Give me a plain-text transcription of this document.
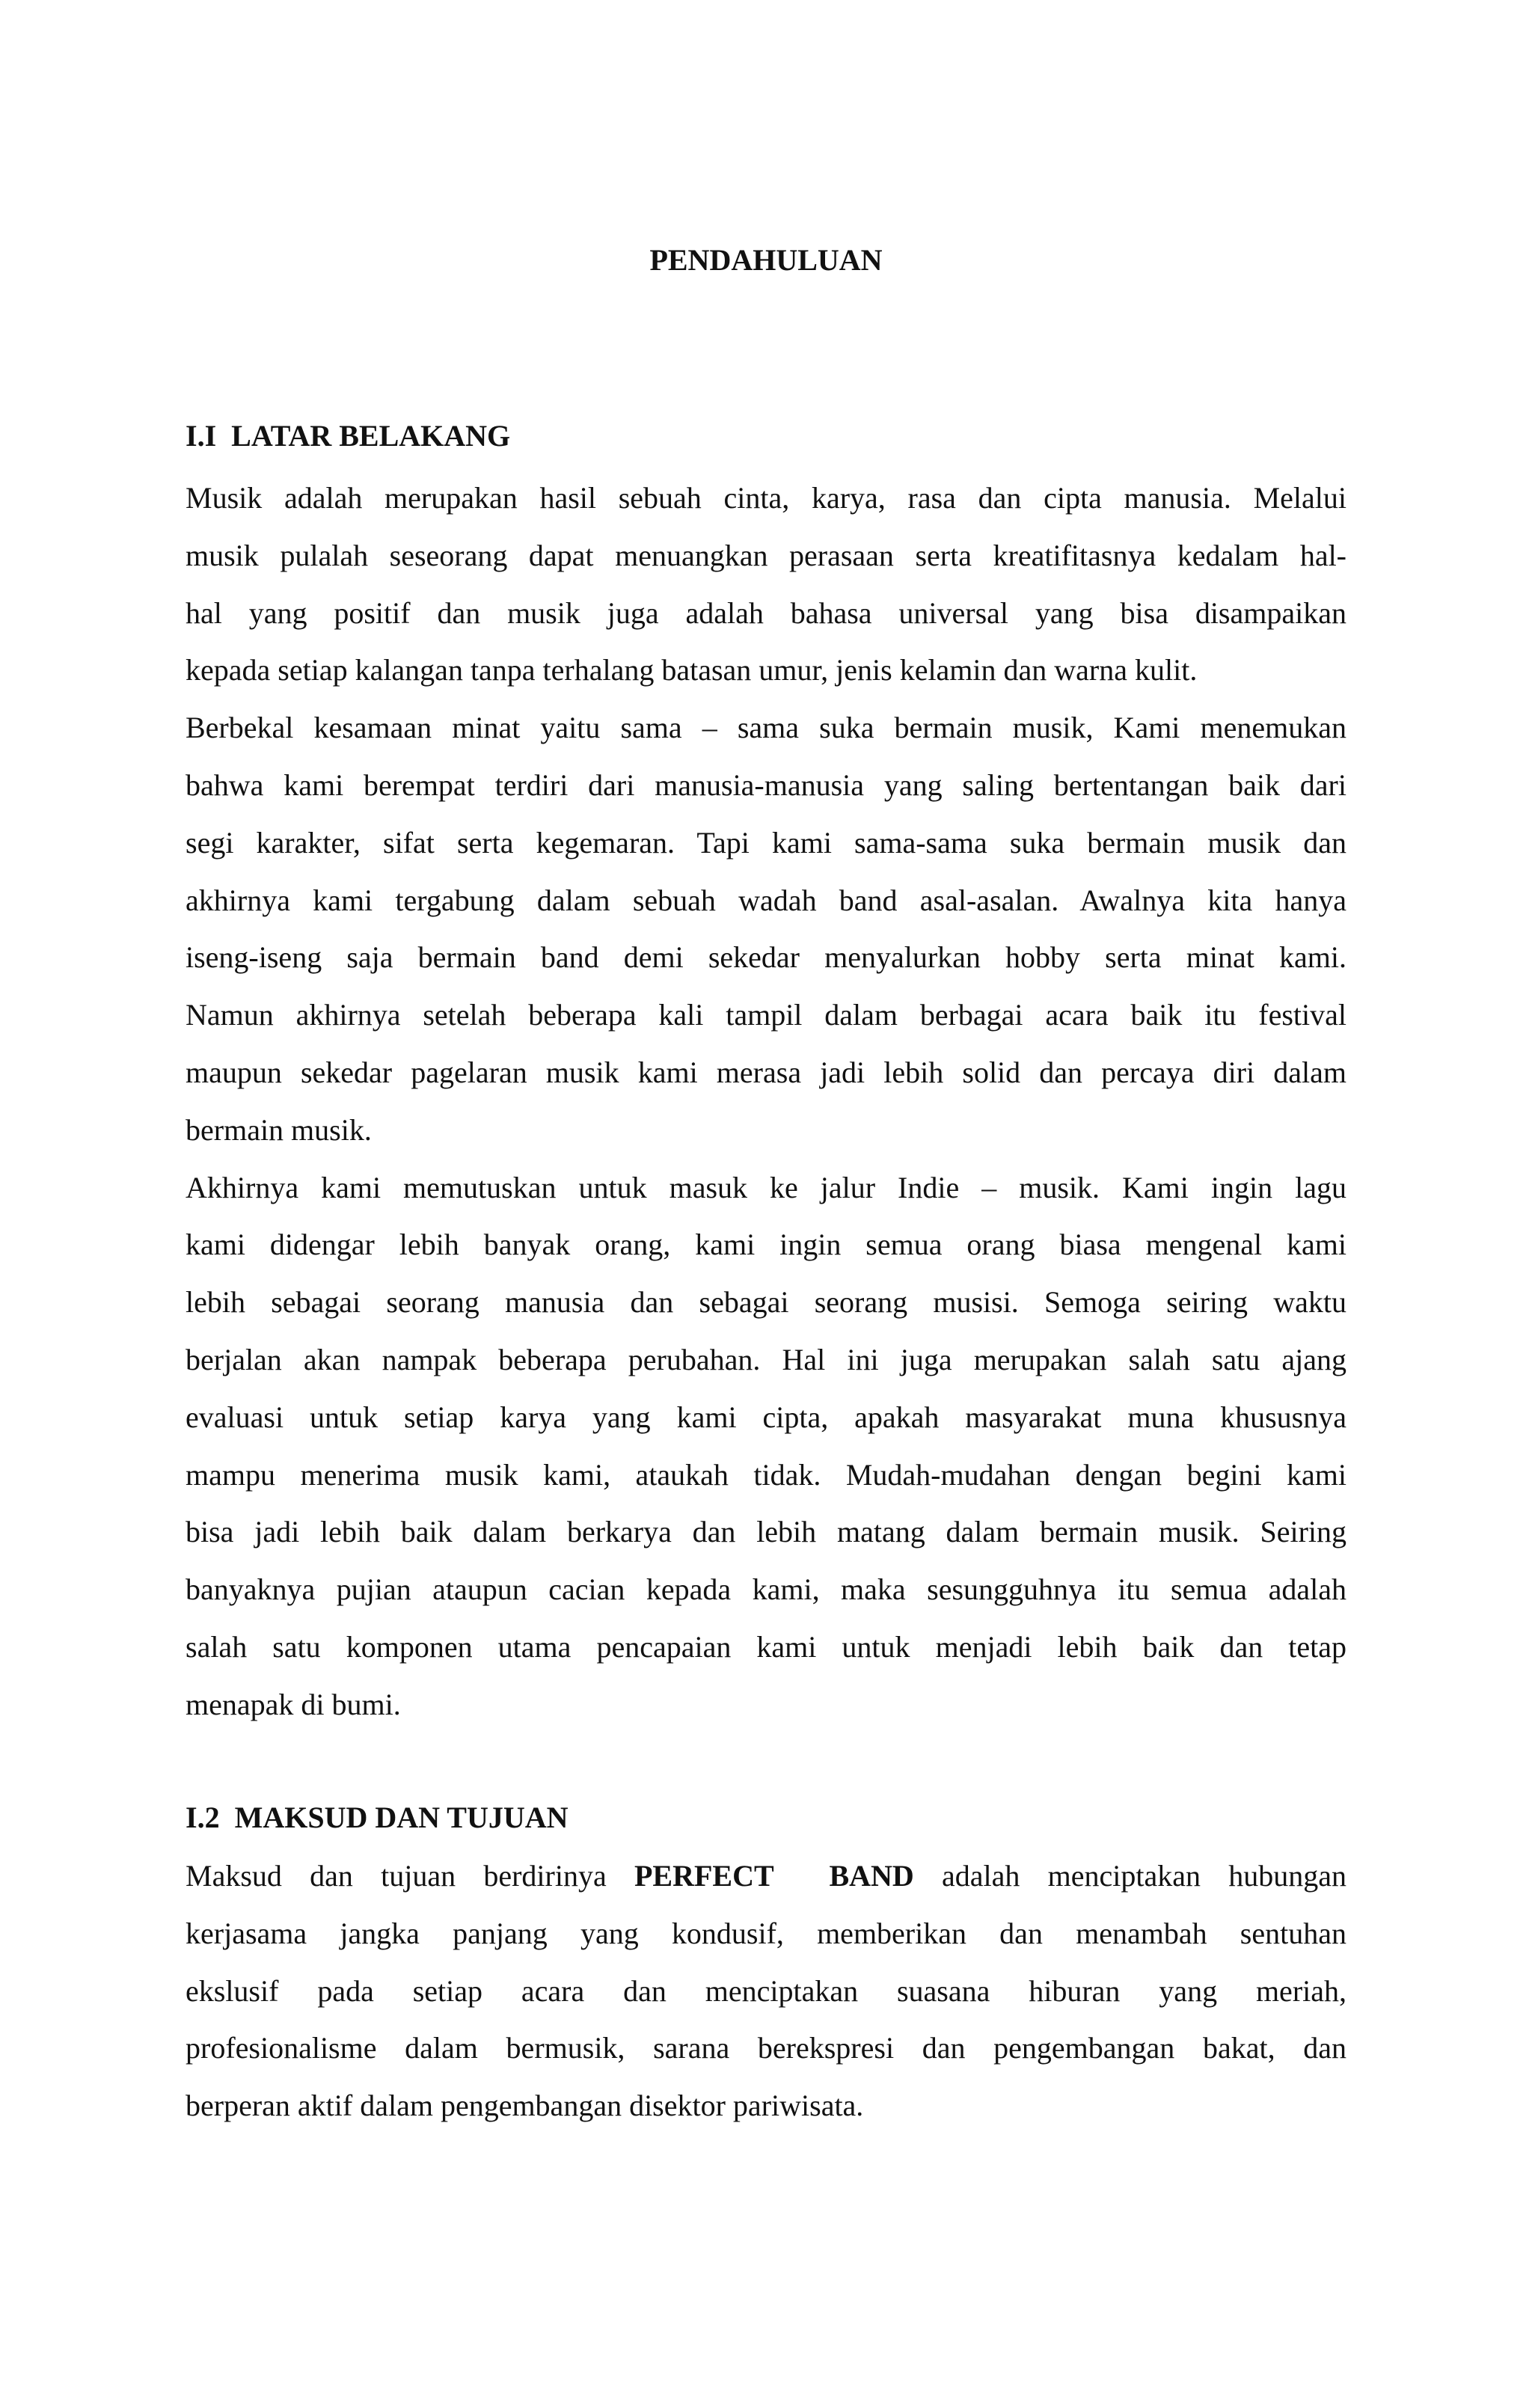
PENDAHULUAN

I.I  LATAR BELAKANG

Musik adalah merupakan hasil sebuah cinta, karya, rasa dan cipta manusia. Melalui
musik pulalah seseorang dapat menuangkan perasaan serta kreatifitasnya kedalam hal-
hal yang positif dan musik juga adalah bahasa universal yang bisa disampaikan
kepada setiap kalangan tanpa terhalang batasan umur, jenis kelamin dan warna kulit.
Berbekal kesamaan minat yaitu sama – sama suka bermain musik, Kami menemukan
bahwa kami berempat terdiri dari manusia-manusia yang saling bertentangan baik dari
segi karakter, sifat serta kegemaran. Tapi kami sama-sama suka bermain musik dan
akhirnya kami tergabung dalam sebuah wadah band asal-asalan. Awalnya kita hanya
iseng-iseng saja bermain band demi sekedar menyalurkan hobby serta minat kami.
Namun akhirnya setelah beberapa kali tampil dalam berbagai acara baik itu festival
maupun sekedar pagelaran musik kami merasa jadi lebih solid dan percaya diri dalam
bermain musik.

Akhirnya kami memutuskan untuk masuk ke jalur Indie – musik. Kami ingin lagu
kami didengar lebih banyak orang, kami ingin semua orang biasa mengenal kami
lebih sebagai seorang manusia dan sebagai seorang musisi. Semoga seiring waktu
berjalan akan nampak beberapa perubahan. Hal ini juga merupakan salah satu ajang
evaluasi untuk setiap karya yang kami cipta, apakah masyarakat muna khususnya
mampu menerima musik kami, ataukah tidak. Mudah-mudahan dengan begini kami
bisa jadi lebih baik dalam berkarya dan lebih matang dalam bermain musik. Seiring
banyaknya pujian ataupun cacian kepada kami, maka sesungguhnya itu semua adalah
salah satu komponen utama pencapaian kami untuk menjadi lebih baik dan tetap
menapak di bumi.

I.2  MAKSUD DAN TUJUAN

Maksud dan tujuan berdirinya PERFECT  BAND adalah menciptakan hubungan
kerjasama jangka panjang yang kondusif, memberikan dan menambah sentuhan
ekslusif pada setiap acara dan menciptakan suasana hiburan yang meriah,
profesionalisme dalam bermusik, sarana berekspresi dan pengembangan bakat, dan
berperan aktif dalam pengembangan disektor pariwisata.
